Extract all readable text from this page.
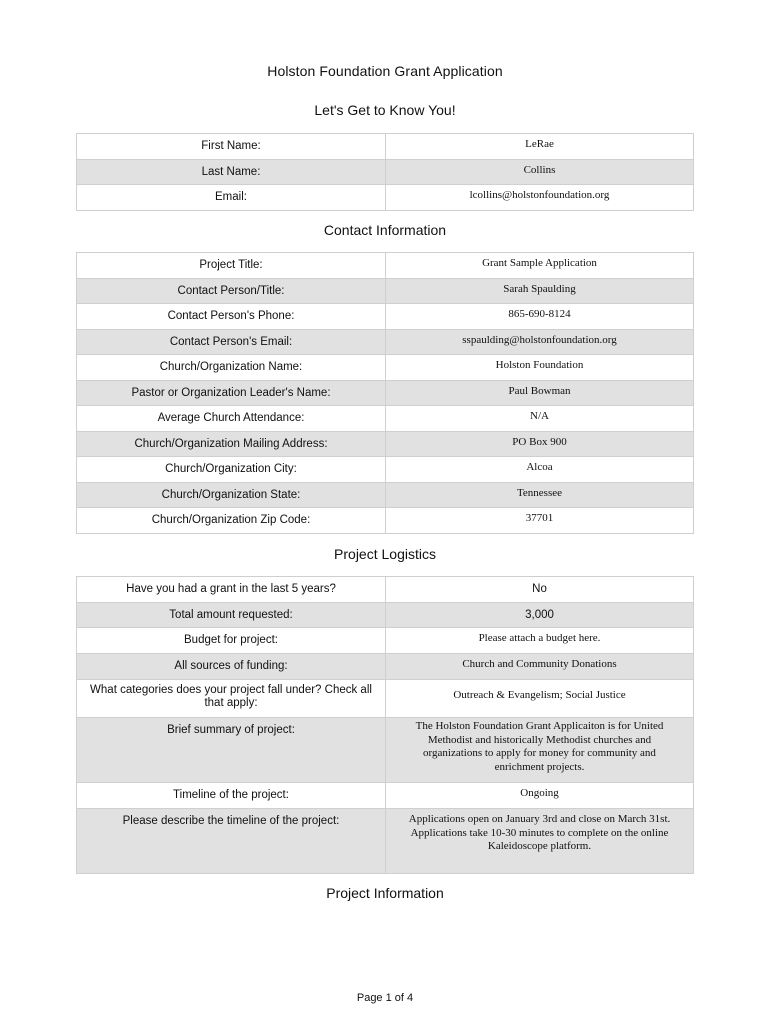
Holston Foundation Grant Application
Let's Get to Know You!
First Name:	LeRae
Last Name:	Collins
Email:	lcollins@holstonfoundation.org
Contact Information
Project Title:	Grant Sample Application
Contact Person/Title:	Sarah Spaulding
Contact Person's Phone:	865-690-8124
Contact Person's Email:	sspaulding@holstonfoundation.org
Church/Organization Name:	Holston Foundation
Pastor or Organization Leader's Name:	Paul Bowman
Average Church Attendance:	N/A
Church/Organization Mailing Address:	PO Box 900
Church/Organization City:	Alcoa
Church/Organization State:	Tennessee
Church/Organization Zip Code:	37701
Project Logistics
Have you had a grant in the last 5 years?	No
Total amount requested:	3,000
Budget for project:	Please attach a budget here.
All sources of funding:	Church and Community Donations
What categories does your project fall under? Check all that apply:	Outreach & Evangelism; Social Justice
Brief summary of project:	The Holston Foundation Grant Applicaiton is for United Methodist and historically Methodist churches and organizations to apply for money for community and enrichment projects.
Timeline of the project:	Ongoing
Please describe the timeline of the project:	Applications open on January 3rd and close on March 31st. Applications take 10-30 minutes to complete on the online Kaleidoscope platform.
Project Information
Page 1 of 4
